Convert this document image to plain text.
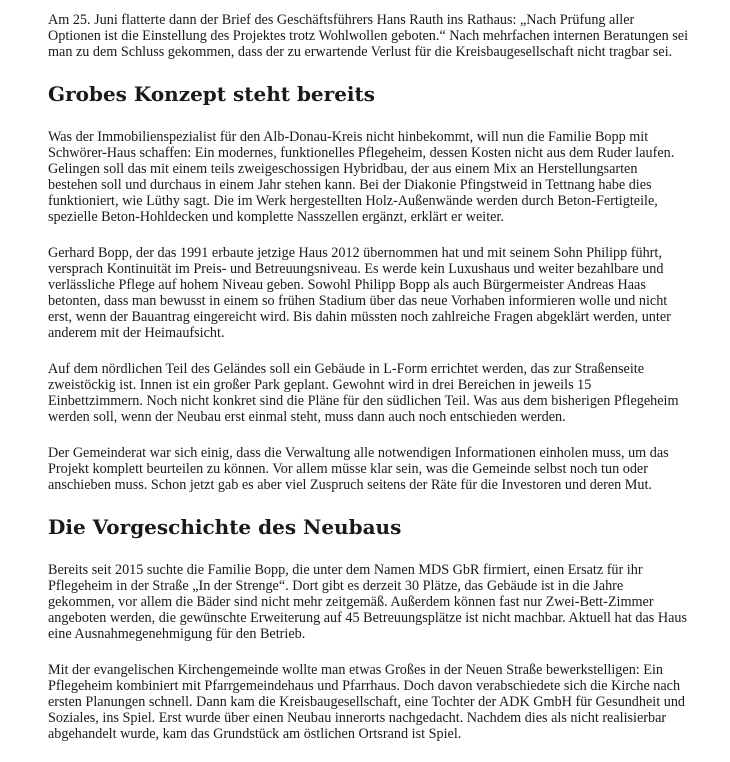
Am 25. Juni flatterte dann der Brief des Geschäftsführers Hans Rauth ins Rathaus: „Nach Prüfung aller Optionen ist die Einstellung des Projektes trotz Wohlwollen geboten.“ Nach mehrfachen internen Beratungen sei man zu dem Schluss gekommen, dass der zu erwartende Verlust für die Kreisbaugesellschaft nicht tragbar sei.

Grobes Konzept steht bereits

Was der Immobilienspezialist für den Alb-Donau-Kreis nicht hinbekommt, will nun die Familie Bopp mit Schwörer-Haus schaffen: Ein modernes, funktionelles Pflegeheim, dessen Kosten nicht aus dem Ruder laufen. Gelingen soll das mit einem teils zweigeschossigen Hybridbau, der aus einem Mix an Herstellungsarten bestehen soll und durchaus in einem Jahr stehen kann. Bei der Diakonie Pfingstweid in Tettnang habe dies funktioniert, wie Lüthy sagt. Die im Werk hergestellten Holz-Außenwände werden durch Beton-Fertigteile, spezielle Beton-Hohldecken und komplette Nasszellen ergänzt, erklärt er weiter.

Gerhard Bopp, der das 1991 erbaute jetzige Haus 2012 übernommen hat und mit seinem Sohn Philipp führt, versprach Kontinuität im Preis- und Betreuungsniveau. Es werde kein Luxushaus und weiter bezahlbare und verlässliche Pflege auf hohem Niveau geben. Sowohl Philipp Bopp als auch Bürgermeister Andreas Haas betonten, dass man bewusst in einem so frühen Stadium über das neue Vorhaben informieren wolle und nicht erst, wenn der Bauantrag eingereicht wird. Bis dahin müssten noch zahlreiche Fragen abgeklärt werden, unter anderem mit der Heimaufsicht.

Auf dem nördlichen Teil des Geländes soll ein Gebäude in L-Form errichtet werden, das zur Straßenseite zweistöckig ist. Innen ist ein großer Park geplant. Gewohnt wird in drei Bereichen in jeweils 15 Einbettzimmern. Noch nicht konkret sind die Pläne für den südlichen Teil. Was aus dem bisherigen Pflegeheim werden soll, wenn der Neubau erst einmal steht, muss dann auch noch entschieden werden.

Der Gemeinderat war sich einig, dass die Verwaltung alle notwendigen Informationen einholen muss, um das Projekt komplett beurteilen zu können. Vor allem müsse klar sein, was die Gemeinde selbst noch tun oder anschieben muss. Schon jetzt gab es aber viel Zuspruch seitens der Räte für die Investoren und deren Mut.

Die Vorgeschichte des Neubaus

Bereits seit 2015 suchte die Familie Bopp, die unter dem Namen MDS GbR firmiert, einen Ersatz für ihr Pflegeheim in der Straße „In der Strenge“. Dort gibt es derzeit 30 Plätze, das Gebäude ist in die Jahre gekommen, vor allem die Bäder sind nicht mehr zeitgemäß. Außerdem können fast nur Zwei-Bett-Zimmer angeboten werden, die gewünschte Erweiterung auf 45 Betreuungsplätze ist nicht machbar. Aktuell hat das Haus eine Ausnahmegenehmigung für den Betrieb.

Mit der evangelischen Kirchengemeinde wollte man etwas Großes in der Neuen Straße bewerkstelligen: Ein Pflegeheim kombiniert mit Pfarrgemeindehaus und Pfarrhaus. Doch davon verabschiedete sich die Kirche nach ersten Planungen schnell. Dann kam die Kreisbaugesellschaft, eine Tochter der ADK GmbH für Gesundheit und Soziales, ins Spiel. Erst wurde über einen Neubau innerorts nachgedacht. Nachdem dies als nicht realisierbar abgehandelt wurde, kam das Grundstück am östlichen Ortsrand ist Spiel.
